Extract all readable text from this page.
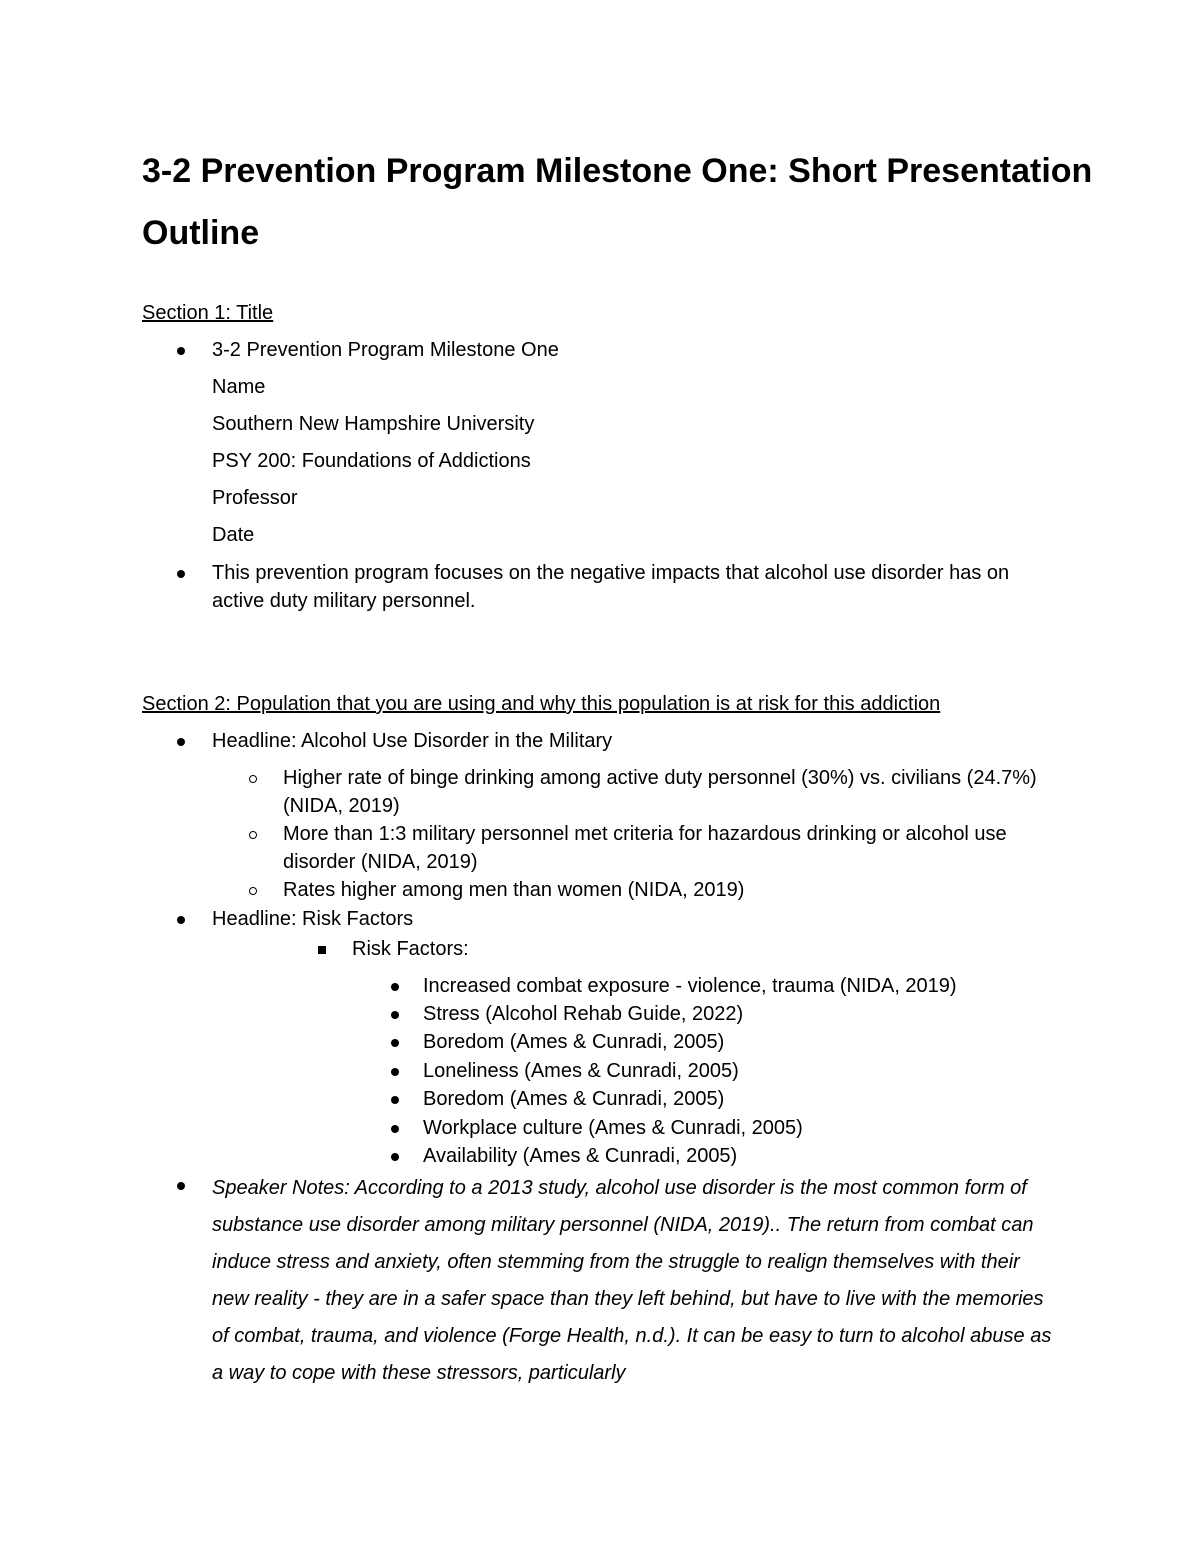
3-2 Prevention Program Milestone One: Short Presentation Outline
Section 1: Title
3-2 Prevention Program Milestone One
Name
Southern New Hampshire University
PSY 200: Foundations of Addictions
Professor
Date
This prevention program focuses on the negative impacts that alcohol use disorder has on active duty military personnel.
Section 2: Population that you are using and why this population is at risk for this addiction
Headline: Alcohol Use Disorder in the Military
Higher rate of binge drinking among active duty personnel (30%) vs. civilians (24.7%) (NIDA, 2019)
More than 1:3 military personnel met criteria for hazardous drinking or alcohol use disorder (NIDA, 2019)
Rates higher among men than women (NIDA, 2019)
Headline: Risk Factors
Risk Factors:
Increased combat exposure - violence, trauma (NIDA, 2019)
Stress (Alcohol Rehab Guide, 2022)
Boredom (Ames & Cunradi, 2005)
Loneliness (Ames & Cunradi, 2005)
Boredom (Ames & Cunradi, 2005)
Workplace culture (Ames & Cunradi, 2005)
Availability (Ames & Cunradi, 2005)
Speaker Notes: According to a 2013 study, alcohol use disorder is the most common form of substance use disorder among military personnel (NIDA, 2019).. The return from combat can induce stress and anxiety, often stemming from the struggle to realign themselves with their new reality - they are in a safer space than they left behind, but have to live with the memories of combat, trauma, and violence (Forge Health, n.d.). It can be easy to turn to alcohol abuse as a way to cope with these stressors, particularly
